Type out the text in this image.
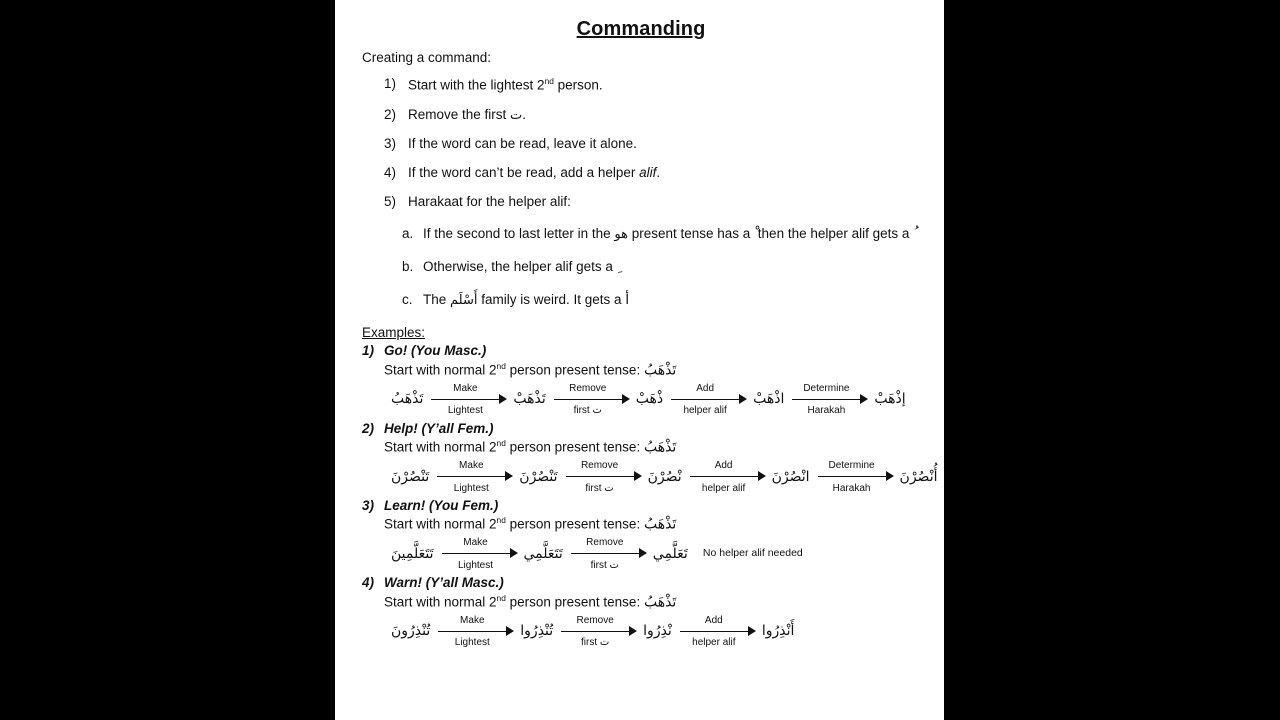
Commanding
Creating a command:
1) Start with the lightest 2nd person.
2) Remove the first ت.
3) If the word can be read, leave it alone.
4) If the word can’t be read, add a helper alif.
5) Harakaat for the helper alif:
a. If the second to last letter in the هو present tense has a  then the helper alif gets a
b. Otherwise, the helper alif gets a
c. The أَسْلَم family is weird. It gets a أ
Examples:
1) Go! (You Masc.)
Start with normal 2nd person present tense: تَذْهَبُ
تَذْهَبُ
Make
Lightest
تَذْهَبْ
Remove
first ت
ذْهَبْ
Add
helper alif
اذْهَبْ
Determine
Harakah
إذْهَبْ
2) Help! (Y’all Fem.)
Start with normal 2nd person present tense: تَذْهَبُ
تَنْصُرْنَ
Make
Lightest
تَنْصُرْنَ
Remove
first ت
نْصُرْنَ
Add
helper alif
انْصُرْنَ
Determine
Harakah
أُنْصُرْنَ
3) Learn! (You Fem.)
Start with normal 2nd person present tense: تَذْهَبُ
تَتَعَلَّمِينَ
Make
Lightest
تَتَعَلَّمِي
Remove
first ت
تَعَلَّمِي	No helper alif needed
4) Warn! (Y’all Masc.)
Start with normal 2nd person present tense: تَذْهَبُ
تُنْذِرُونَ
Make
Lightest
تُنْذِرُوا
Remove
first ت
نْذِرُوا
Add
helper alif
أَنْذِرُوا
